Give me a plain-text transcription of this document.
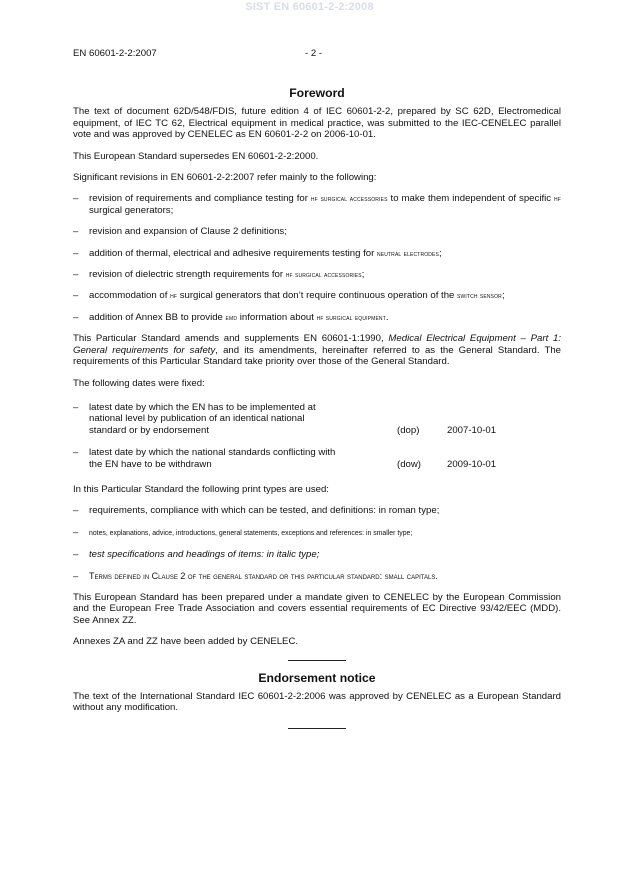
SIST EN 60601-2-2:2008
EN 60601-2-2:2007	- 2 -
Foreword

The text of document 62D/548/FDIS, future edition 4 of IEC 60601-2-2, prepared by SC 62D, Electromedical equipment, of IEC TC 62, Electrical equipment in medical practice, was submitted to the IEC-CENELEC parallel vote and was approved by CENELEC as EN 60601-2-2 on 2006-10-01.

This European Standard supersedes EN 60601-2-2:2000.

Significant revisions in EN 60601-2-2:2007 refer mainly to the following:

– revision of requirements and compliance testing for hf surgical accessories to make them independent of specific hf surgical generators;
– revision and expansion of Clause 2 definitions;
– addition of thermal, electrical and adhesive requirements testing for neutral electrodes;
– revision of dielectric strength requirements for hf surgical accessories;
– accommodation of hf surgical generators that don’t require continuous operation of the switch sensor;
– addition of Annex BB to provide emd information about hf surgical equipment.

This Particular Standard amends and supplements EN 60601-1:1990, Medical Electrical Equipment – Part 1: General requirements for safety, and its amendments, hereinafter referred to as the General Standard. The requirements of this Particular Standard take priority over those of the General Standard.

The following dates were fixed:

– latest date by which the EN has to be implemented at national level by publication of an identical national standard or by endorsement	(dop)	2007-10-01
– latest date by which the national standards conflicting with the EN have to be withdrawn	(dow)	2009-10-01

In this Particular Standard the following print types are used:

– requirements, compliance with which can be tested, and definitions: in roman type;
– notes, explanations, advice, introductions, general statements, exceptions and references: in smaller type;
– test specifications and headings of items: in italic type;
– Terms defined in Clause 2 of the general standard or this particular standard: small capitals.

This European Standard has been prepared under a mandate given to CENELEC by the European Commission and the European Free Trade Association and covers essential requirements of EC Directive 93/42/EEC (MDD). See Annex ZZ.

Annexes ZA and ZZ have been added by CENELEC.

Endorsement notice

The text of the International Standard IEC 60601-2-2:2006 was approved by CENELEC as a European Standard without any modification.
